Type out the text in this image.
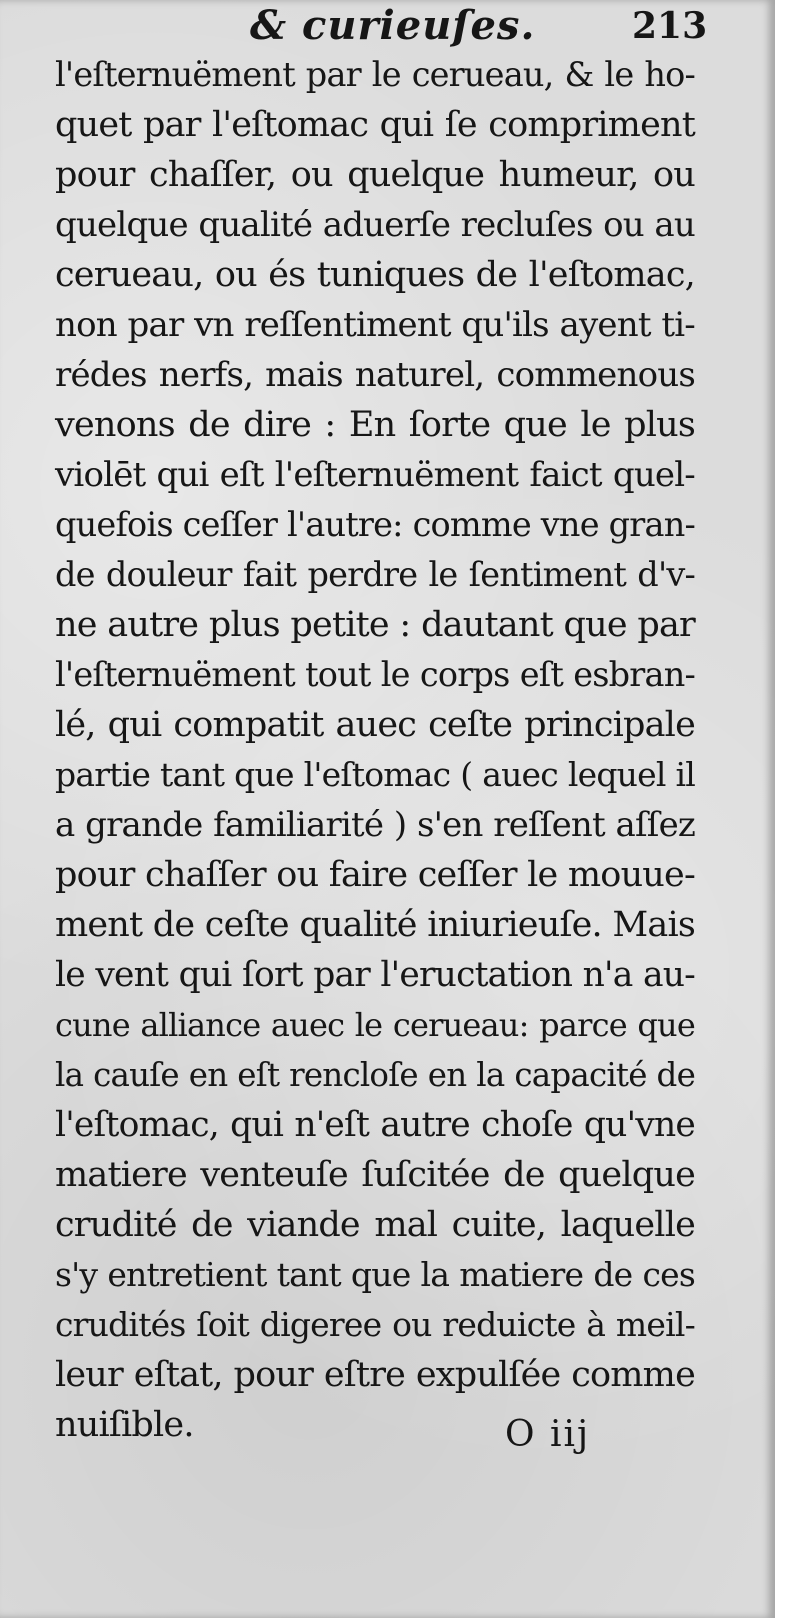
& curieuſes.	213
l'eſternuëment par le cerueau, & le ho-
quet par l'eſtomac qui ſe compriment
pour chaſſer, ou quelque humeur, ou
quelque qualité aduerſe recluſes ou au
cerueau, ou és tuniques de l'eſtomac,
non par vn reſſentiment qu'ils ayent ti-
rédes nerfs, mais naturel, commenous
venons de dire : En ſorte que le plus
violēt qui eſt l'eſternuëment faict quel-
quefois ceſſer l'autre: comme vne gran-
de douleur fait perdre le ſentiment d'v-
ne autre plus petite : dautant que par
l'eſternuëment tout le corps eſt esbran-
lé, qui compatit auec ceſte principale
partie tant que l'eſtomac ( auec lequel il
a grande familiarité ) s'en reſſent aſſez
pour chaſſer ou faire ceſſer le mouue-
ment de ceſte qualité iniurieuſe. Mais
le vent qui ſort par l'eructation n'a au-
cune alliance auec le cerueau: parce que
la cauſe en eſt rencloſe en la capacité de
l'eſtomac, qui n'eſt autre choſe qu'vne
matiere venteuſe ſuſcitée de quelque
crudité de viande mal cuite, laquelle
s'y entretient tant que la matiere de ces
crudités ſoit digeree ou reduicte à meil-
leur eſtat, pour eſtre expulſée comme
nuiſible.	O iij
